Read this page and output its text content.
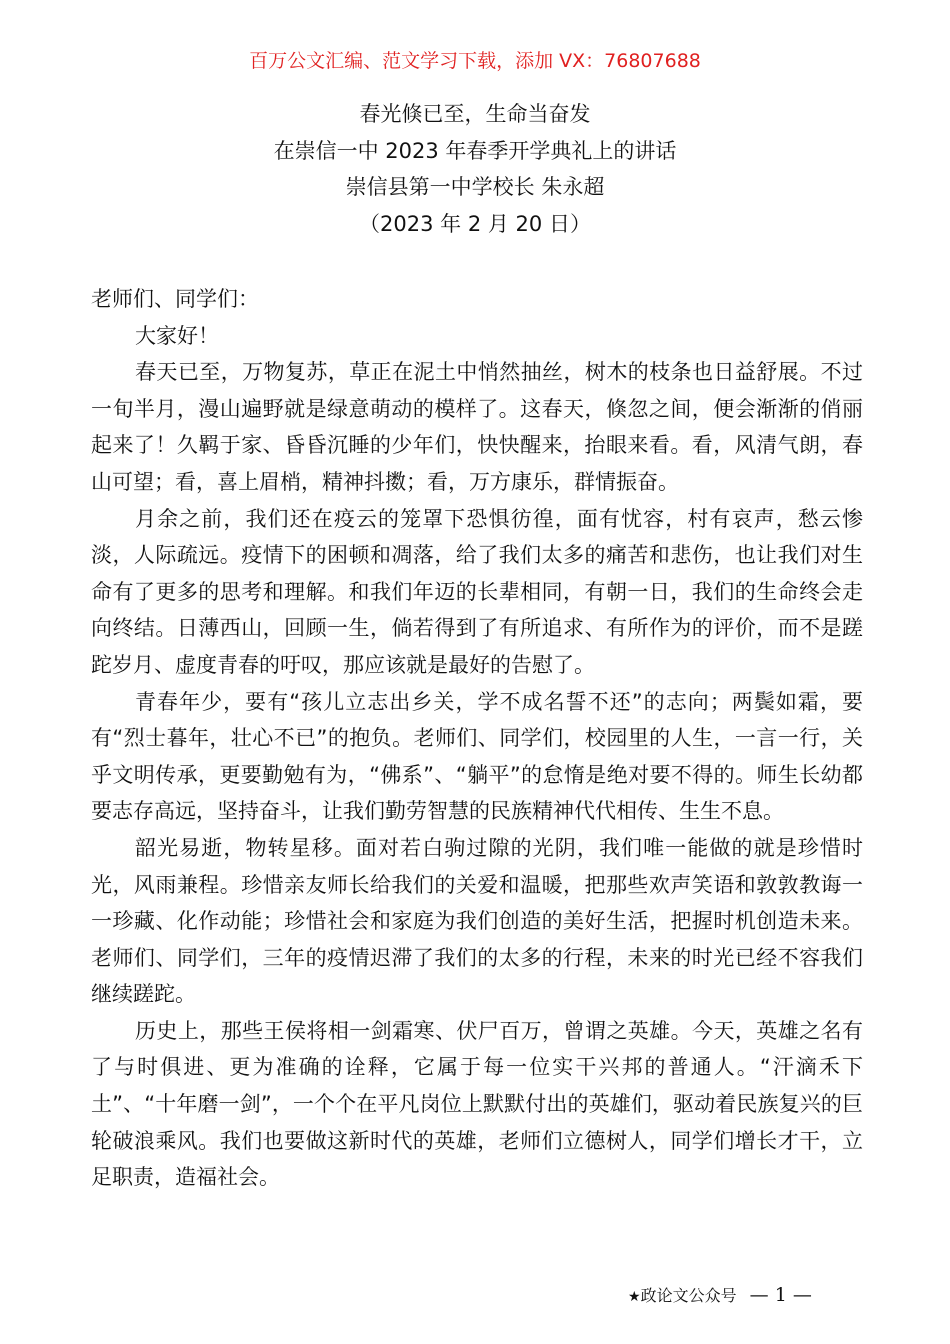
百万公文汇编、范文学习下载，添加 VX：76807688
春光倏已至，生命当奋发
在崇信一中 2023 年春季开学典礼上的讲话
崇信县第一中学校长 朱永超
（2023 年 2 月 20 日）
老师们、同学们：

大家好！

春天已至，万物复苏，草正在泥土中悄然抽丝，树木的枝条也日益舒展。不过一旬半月，漫山遍野就是绿意萌动的模样了。这春天，倏忽之间，便会渐渐的俏丽起来了！久羁于家、昏昏沉睡的少年们，快快醒来，抬眼来看。看，风清气朗，春山可望；看，喜上眉梢，精神抖擞；看，万方康乐，群情振奋。

月余之前，我们还在疫云的笼罩下恐惧彷徨，面有忧容，村有哀声，愁云惨淡，人际疏远。疫情下的困顿和凋落，给了我们太多的痛苦和悲伤，也让我们对生命有了更多的思考和理解。和我们年迈的长辈相同，有朝一日，我们的生命终会走向终结。日薄西山，回顾一生，倘若得到了有所追求、有所作为的评价，而不是蹉跎岁月、虚度青春的吁叹，那应该就是最好的告慰了。

青春年少，要有“孩儿立志出乡关，学不成名誓不还”的志向；两鬓如霜，要有“烈士暮年，壮心不已”的抱负。老师们、同学们，校园里的人生，一言一行，关乎文明传承，更要勤勉有为，“佛系”、“躺平”的怠惰是绝对要不得的。师生长幼都要志存高远，坚持奋斗，让我们勤劳智慧的民族精神代代相传、生生不息。

韶光易逝，物转星移。面对若白驹过隙的光阴，我们唯一能做的就是珍惜时光，风雨兼程。珍惜亲友师长给我们的关爱和温暖，把那些欢声笑语和敦敦教诲一一珍藏、化作动能；珍惜社会和家庭为我们创造的美好生活，把握时机创造未来。老师们、同学们，三年的疫情迟滞了我们的太多的行程，未来的时光已经不容我们继续蹉跎。

历史上，那些王侯将相一剑霜寒、伏尸百万，曾谓之英雄。今天，英雄之名有了与时俱进、更为准确的诠释，它属于每一位实干兴邦的普通人。“汗滴禾下土”、“十年磨一剑”，一个个在平凡岗位上默默付出的英雄们，驱动着民族复兴的巨轮破浪乘风。我们也要做这新时代的英雄，老师们立德树人，同学们增长才干，立足职责，造福社会。

★政论文公众号 — 1 —
